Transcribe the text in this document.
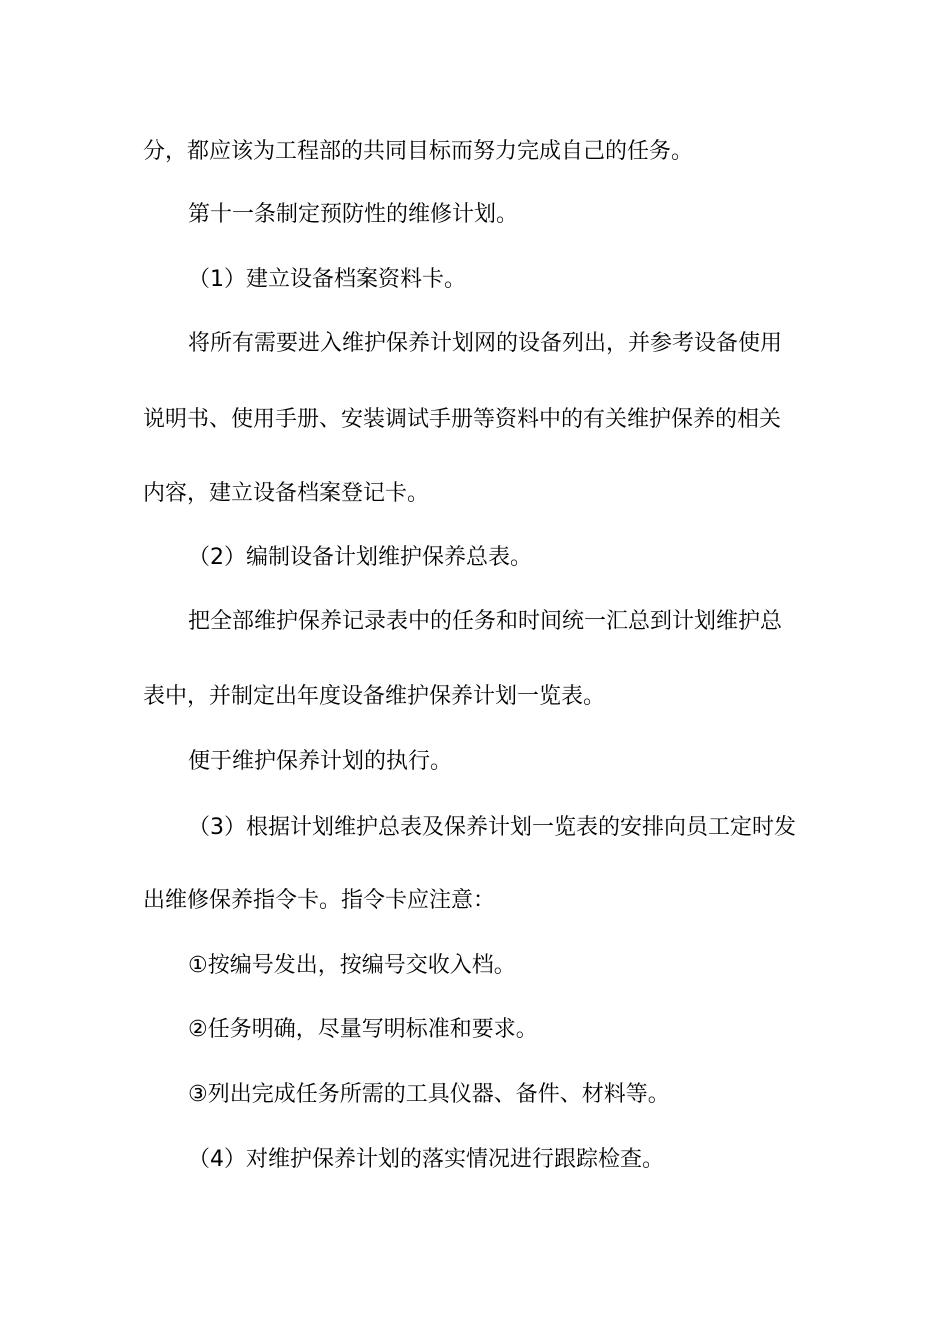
分，都应该为工程部的共同目标而努力完成自己的任务。

第十一条制定预防性的维修计划。

（1）建立设备档案资料卡。

将所有需要进入维护保养计划网的设备列出，并参考设备使用

说明书、使用手册、安装调试手册等资料中的有关维护保养的相关

内容，建立设备档案登记卡。

（2）编制设备计划维护保养总表。

把全部维护保养记录表中的任务和时间统一汇总到计划维护总

表中，并制定出年度设备维护保养计划一览表。

便于维护保养计划的执行。

（3）根据计划维护总表及保养计划一览表的安排向员工定时发

出维修保养指令卡。指令卡应注意：

①按编号发出，按编号交收入档。

②任务明确，尽量写明标准和要求。

③列出完成任务所需的工具仪器、备件、材料等。

（4）对维护保养计划的落实情况进行跟踪检查。
